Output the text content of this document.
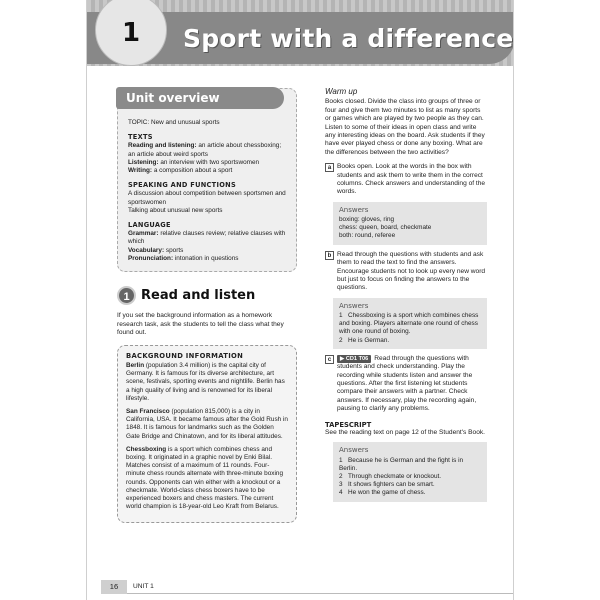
1	Sport with a difference
Unit overview
TOPIC: New and unusual sports
TEXTS
Reading and listening: an article about chessboxing; an article about weird sports
Listening: an interview with two sportswomen
Writing: a composition about a sport
SPEAKING AND FUNCTIONS
A discussion about competition between sportsmen and sportswomen
Talking about unusual new sports
LANGUAGE
Grammar: relative clauses review; relative clauses with which
Vocabulary: sports
Pronunciation: intonation in questions
1 Read and listen
If you set the background information as a homework research task, ask the students to tell the class what they found out.
BACKGROUND INFORMATION
Berlin (population 3.4 million) is the capital city of Germany. It is famous for its diverse architecture, art scene, festivals, sporting events and nightlife. Berlin has a high quality of living and is renowned for its liberal lifestyle.
San Francisco (population 815,000) is a city in California, USA. It became famous after the Gold Rush in 1848. It is famous for landmarks such as the Golden Gate Bridge and Chinatown, and for its liberal attitudes.
Chessboxing is a sport which combines chess and boxing. It originated in a graphic novel by Enki Bilal. Matches consist of a maximum of 11 rounds. Four-minute chess rounds alternate with three-minute boxing rounds. Opponents can win either with a knockout or a checkmate. World-class chess boxers have to be experienced boxers and chess masters. The current world champion is 18-year-old Leo Kraft from Belarus.
Warm up
Books closed. Divide the class into groups of three or four and give them two minutes to list as many sports or games which are played by two people as they can. Listen to some of their ideas in open class and write any interesting ideas on the board. Ask students if they have ever played chess or done any boxing. What are the differences between the two activities?
a Books open. Look at the words in the box with students and ask them to write them in the correct columns. Check answers and understanding of the words.
Answers
boxing: gloves, ring
chess: queen, board, checkmate
both: round, referee
b Read through the questions with students and ask them to read the text to find the answers. Encourage students not to look up every new word but just to focus on finding the answers to the questions.
Answers
1 Chessboxing is a sport which combines chess and boxing. Players alternate one round of chess with one round of boxing.
2 He is German.
c	▶ CD1 T06 Read through the questions with students and check understanding. Play the recording while students listen and answer the questions. After the first listening let students compare their answers with a partner. Check answers. If necessary, play the recording again, pausing to clarify any problems.
TAPESCRIPT
See the reading text on page 12 of the Student's Book.
Answers
1 Because he is German and the fight is in Berlin.
2 Through checkmate or knockout.
3 It shows fighters can be smart.
4 He won the game of chess.
16	UNIT 1
